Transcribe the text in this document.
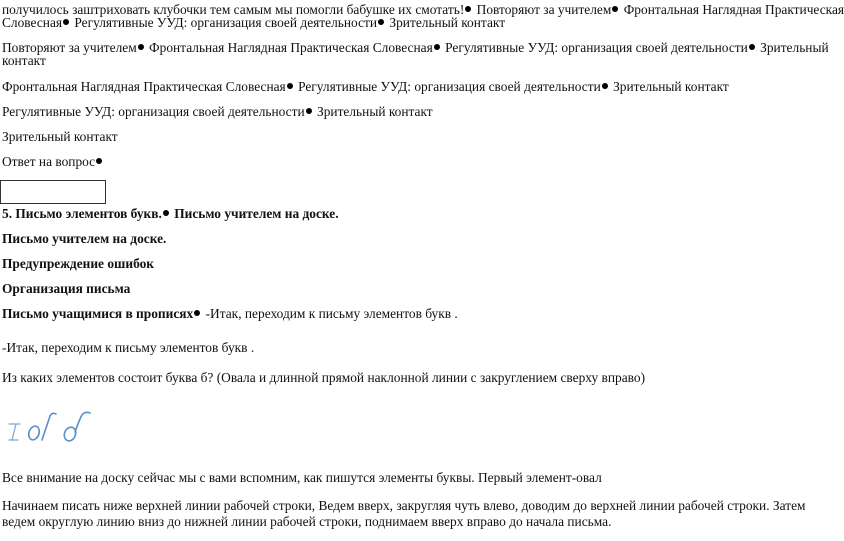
получилось заштриховать клубочки тем самым мы помогли бабушке их смотать! Повторяют за учителем Фронтальная Наглядная Практическая
Словесная Регулятивные УУД: организация своей деятельности Зрительный контакт
Повторяют за учителем Фронтальная Наглядная Практическая Словесная Регулятивные УУД: организация своей деятельности Зрительный
контакт
Фронтальная Наглядная Практическая Словесная Регулятивные УУД: организация своей деятельности Зрительный контакт
Регулятивные УУД: организация своей деятельности Зрительный контакт
Зрительный контакт
Ответ на вопрос
5. Письмо элементов букв. Письмо учителем на доске.
Письмо учителем на доске.
Предупреждение ошибок
Организация письма
Письмо учащимися в прописях -Итак, переходим к письму элементов букв .
-Итак, переходим к письму элементов букв .
Из каких элементов состоит буква б? (Овала и длинной прямой наклонной линии с закруглением сверху вправо)
Все внимание на доску сейчас мы с вами вспомним, как пишутся элементы буквы. Первый элемент-овал
Начинаем писать ниже верхней линии рабочей строки, Ведем вверх, закругляя чуть влево, доводим до верхней линии рабочей строки. Затем ведем округлую линию вниз до нижней линии рабочей строки, поднимаем вверх вправо до начала письма.
